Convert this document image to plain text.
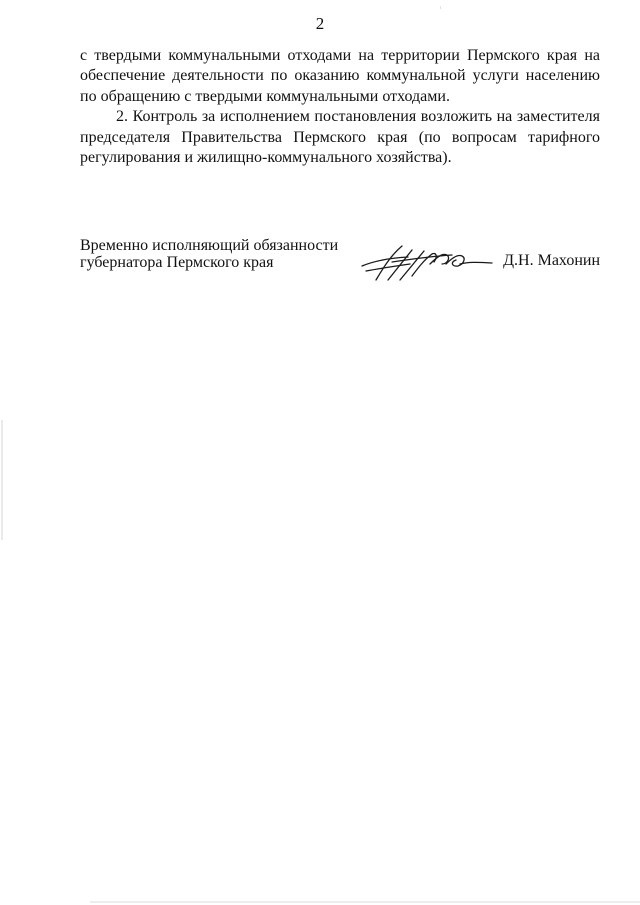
2

с твердыми коммунальными отходами на территории Пермского края на обеспечение деятельности по оказанию коммунальной услуги населению по обращению с твердыми коммунальными отходами.

2. Контроль за исполнением постановления возложить на заместителя председателя Правительства Пермского края (по вопросам тарифного регулирования и жилищно-коммунального хозяйства).

Временно исполняющий обязанности
губернатора Пермского края	Д.Н. Махонин
